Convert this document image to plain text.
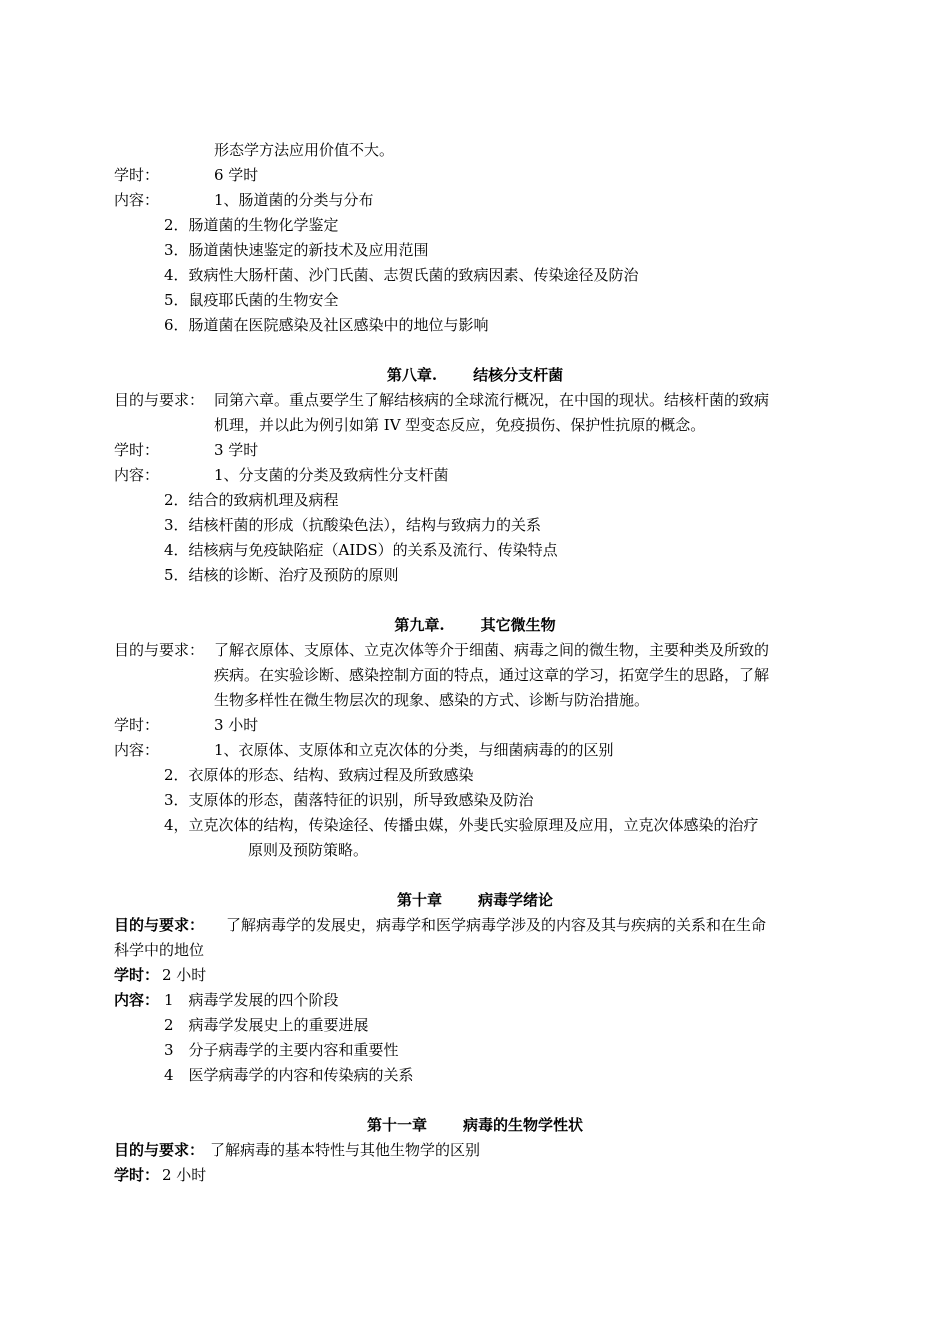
形态学方法应用价值不大。
学时：	6 学时
内容：	1、肠道菌的分类与分布
2．肠道菌的生物化学鉴定
3．肠道菌快速鉴定的新技术及应用范围
4．致病性大肠杆菌、沙门氏菌、志贺氏菌的致病因素、传染途径及防治
5．鼠疫耶氏菌的生物安全
6．肠道菌在医院感染及社区感染中的地位与影响
第八章. 结核分支杆菌
目的与要求： 同第六章。重点要学生了解结核病的全球流行概况，在中国的现状。结核杆菌的致病
机理，并以此为例引如第 IV 型变态反应，免疫损伤、保护性抗原的概念。
学时：	3 学时
内容：	1、分支菌的分类及致病性分支杆菌
2．结合的致病机理及病程
3．结核杆菌的形成（抗酸染色法），结构与致病力的关系
4．结核病与免疫缺陷症（AIDS）的关系及流行、传染特点
5．结核的诊断、治疗及预防的原则
第九章. 其它微生物
目的与要求： 了解衣原体、支原体、立克次体等介于细菌、病毒之间的微生物，主要种类及所致的
疾病。在实验诊断、感染控制方面的特点，通过这章的学习，拓宽学生的思路，了解
生物多样性在微生物层次的现象、感染的方式、诊断与防治措施。
学时：	3 小时
内容：	1、衣原体、支原体和立克次体的分类，与细菌病毒的的区别
2．衣原体的形态、结构、致病过程及所致感染
3．支原体的形态，菌落特征的识别，所导致感染及防治
4，立克次体的结构，传染途径、传播虫媒，外斐氏实验原理及应用，立克次体感染的治疗
原则及预防策略。
第十章 病毒学绪论
目的与要求： 了解病毒学的发展史，病毒学和医学病毒学涉及的内容及其与疾病的关系和在生命
科学中的地位
学时： 2 小时
内容： 1　病毒学发展的四个阶段
2　病毒学发展史上的重要进展
3　分子病毒学的主要内容和重要性
4　医学病毒学的内容和传染病的关系
第十一章 病毒的生物学性状
目的与要求： 了解病毒的基本特性与其他生物学的区别
学时： 2 小时
